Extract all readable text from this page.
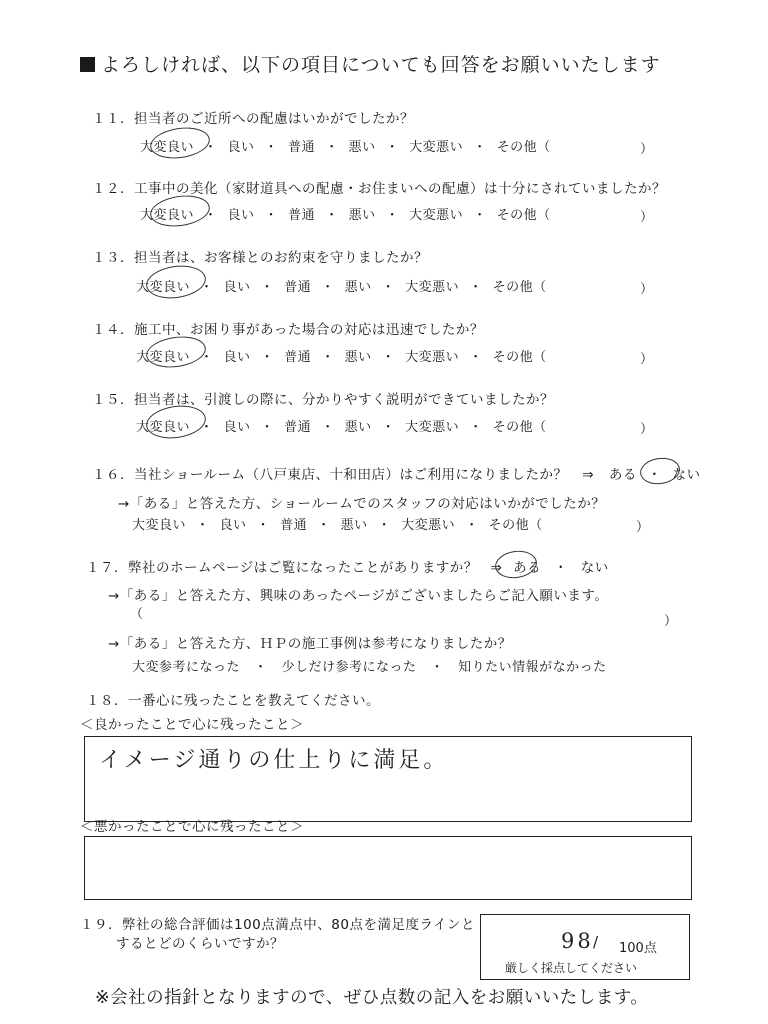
よろしければ、以下の項目についても回答をお願いいたします
１１．担当者のご近所への配慮はいかがでしたか？
大変良い ・ 良い ・ 普通 ・ 悪い ・ 大変悪い ・ その他（	）
１２．工事中の美化（家財道具への配慮・お住まいへの配慮）は十分にされていましたか？
大変良い ・ 良い ・ 普通 ・ 悪い ・ 大変悪い ・ その他（	）
１３．担当者は、お客様とのお約束を守りましたか？
大変良い ・ 良い ・ 普通 ・ 悪い ・ 大変悪い ・ その他（	）
１４．施工中、お困り事があった場合の対応は迅速でしたか？
大変良い ・ 良い ・ 普通 ・ 悪い ・ 大変悪い ・ その他（	）
１５．担当者は、引渡しの際に、分かりやすく説明ができていましたか？
大変良い ・ 良い ・ 普通 ・ 悪い ・ 大変悪い ・ その他（	）
１６．当社ショールーム（八戸東店、十和田店）はご利用になりましたか？ ⇒ ある ・ ない
→「ある」と答えた方、ショールームでのスタッフの対応はいかがでしたか？
大変良い ・ 良い ・ 普通 ・ 悪い ・ 大変悪い ・ その他（	）
１７．弊社のホームページはご覧になったことがありますか？ ⇒ ある ・ ない
→「ある」と答えた方、興味のあったページがございましたらご記入願います。
（	）
→「ある」と答えた方、ＨＰの施工事例は参考になりましたか？
大変参考になった ・ 少しだけ参考になった ・ 知りたい情報がなかった
１８．一番心に残ったことを教えてください。
＜良かったことで心に残ったこと＞
イメージ通りの仕上りに満足。
＜悪かったことで心に残ったこと＞
１９．弊社の総合評価は100点満点中、80点を満足度ラインと
するとどのくらいですか？	98 / 100点
厳しく採点してください
※会社の指針となりますので、ぜひ点数の記入をお願いいたします。
